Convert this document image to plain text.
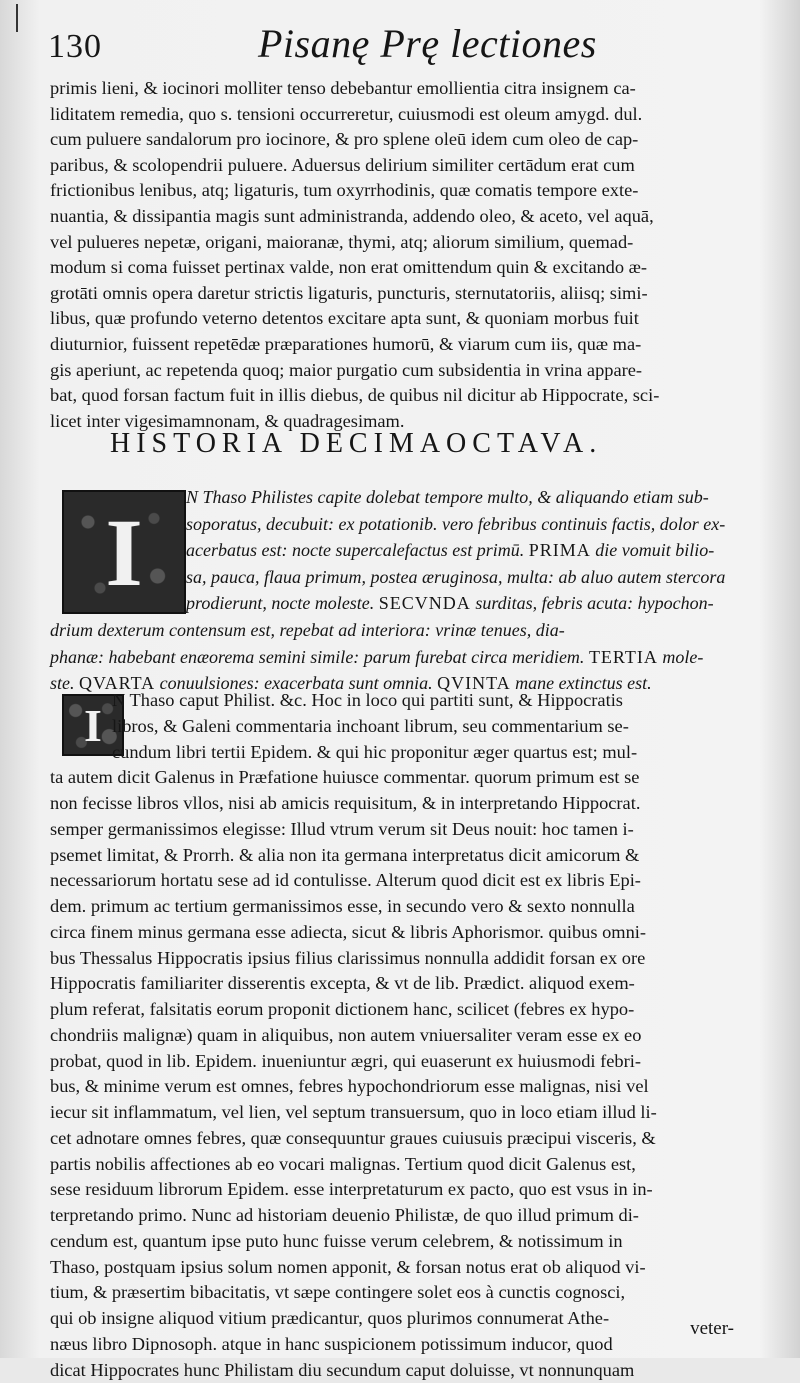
130	Pisanę Prę lectiones
primis lieni, & iocinori molliter tenso debebantur emollientia citra insignem ca-
liditatem remedia, quo s. tensioni occurreretur, cuiusmodi est oleum amygd. dul.
cum puluere sandalorum pro iocinore, & pro splene oleū idem cum oleo de cap-
paribus, & scolopendrii puluere. Aduersus delirium similiter certādum erat cum
frictionibus lenibus, atq; ligaturis, tum oxyrrhodinis, quæ comatis tempore exte-
nuantia, & dissipantia magis sunt administranda, addendo oleo, & aceto, vel aquā,
vel pulueres nepetæ, origani, maioranæ, thymi, atq; aliorum similium, quemad-
modum si coma fuisset pertinax valde, non erat omittendum quin & excitando æ-
grotāti omnis opera daretur strictis ligaturis, puncturis, sternutatoriis, aliisq; simi-
libus, quæ profundo veterno detentos excitare apta sunt, & quoniam morbus fuit
diuturnior, fuissent repetēdæ præparationes humorū, & viarum cum iis, quæ ma-
gis aperiunt, ac repetenda quoq; maior purgatio cum subsidentia in vrina appare-
bat, quod forsan factum fuit in illis diebus, de quibus nil dicitur ab Hippocrate, sci-
licet inter vigesimamnonam, & quadragesimam.
HISTORIA DECIMAOCTAVA.
I
N Thaso Philistes capite dolebat tempore multo, & aliquando etiam sub-
soporatus, decubuit: ex potationib. vero febribus continuis factis, dolor ex-
acerbatus est: nocte supercalefactus est primū. PRIMA die vomuit bilio-
sa, pauca, flaua primum, postea æruginosa, multa: ab aluo autem stercora
prodierunt, nocte moleste. SECVNDA surditas, febris acuta: hypochon-
drium dexterum contensum est, repebat ad interiora: vrinæ tenues, dia-
phanæ: habebant enæorema semini simile: parum furebat circa meridiem. TERTIA mole-
ste. QVARTA conuulsiones: exacerbata sunt omnia. QVINTA mane extinctus est.
I N Thaso caput Philist. &c. Hoc in loco qui partiti sunt, & Hippocratis
libros, & Galeni commentaria inchoant librum, seu commentarium se-
cundum libri tertii Epidem. & qui hic proponitur æger quartus est; mul-
ta autem dicit Galenus in Præfatione huiusce commentar. quorum primum est se
non fecisse libros vllos, nisi ab amicis requisitum, & in interpretando Hippocrat.
semper germanissimos elegisse: Illud vtrum verum sit Deus nouit: hoc tamen i-
psemet limitat, & Prorrh. & alia non ita germana interpretatus dicit amicorum &
necessariorum hortatu sese ad id contulisse. Alterum quod dicit est ex libris Epi-
dem. primum ac tertium germanissimos esse, in secundo vero & sexto nonnulla
circa finem minus germana esse adiecta, sicut & libris Aphorismor. quibus omni-
bus Thessalus Hippocratis ipsius filius clarissimus nonnulla addidit forsan ex ore
Hippocratis familiariter disserentis excepta, & vt de lib. Prædict. aliquod exem-
plum referat, falsitatis eorum proponit dictionem hanc, scilicet (febres ex hypo-
chondriis malignæ) quam in aliquibus, non autem vniuersaliter veram esse ex eo
probat, quod in lib. Epidem. inueniuntur ægri, qui euaserunt ex huiusmodi febri-
bus, & minime verum est omnes, febres hypochondriorum esse malignas, nisi vel
iecur sit inflammatum, vel lien, vel septum transuersum, quo in loco etiam illud li-
cet adnotare omnes febres, quæ consequuntur graues cuiusuis præcipui visceris, &
partis nobilis affectiones ab eo vocari malignas. Tertium quod dicit Galenus est,
sese residuum librorum Epidem. esse interpretaturum ex pacto, quo est vsus in in-
terpretando primo. Nunc ad historiam deuenio Philistæ, de quo illud primum di-
cendum est, quantum ipse puto hunc fuisse verum celebrem, & notissimum in
Thaso, postquam ipsius solum nomen apponit, & forsan notus erat ob aliquod vi-
tium, & præsertim bibacitatis, vt sæpe contingere solet eos à cunctis cognosci,
qui ob insigne aliquod vitium prædicantur, quos plurimos connumerat Athe-
næus libro Dipnosoph. atque in hanc suspicionem potissimum inducor, quod
dicat Hippocrates hunc Philistam diu secundum caput doluisse, vt nonnunquam
veter-
